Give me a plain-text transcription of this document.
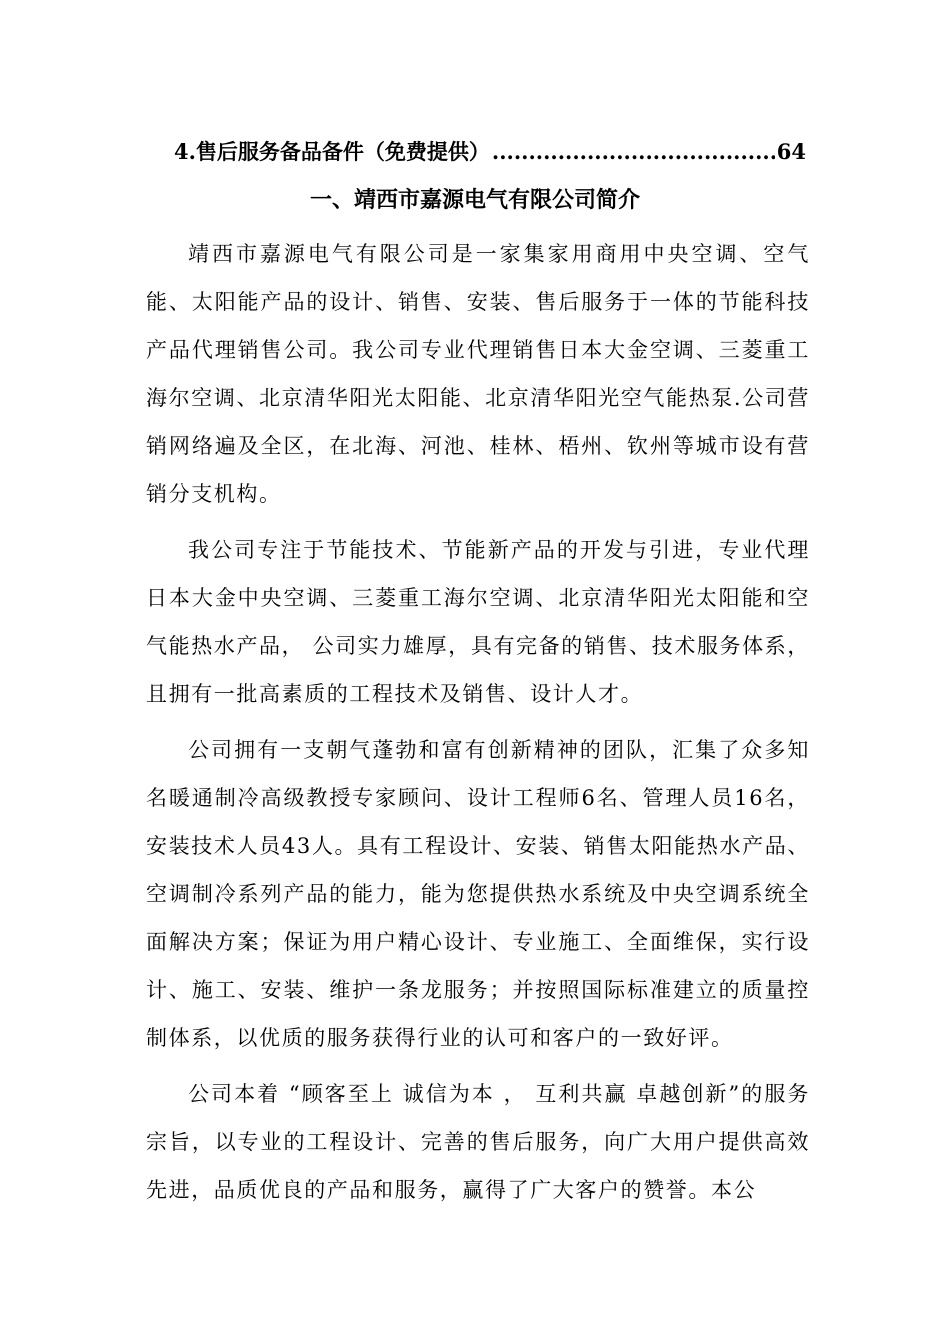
4.售后服务备品备件（免费提供）
.....	64
一、靖西市嘉源电气有限公司简介

靖西市嘉源电气有限公司是一家集家用商用中央空调、空气能、太阳能产品的设计、销售、安装、售后服务于一体的节能科技产品代理销售公司。我公司专业代理销售日本大金空调、三菱重工海尔空调、北京清华阳光太阳能、北京清华阳光空气能热泵.公司营销网络遍及全区，在北海、河池、桂林、梧州、钦州等城市设有营销分支机构。

我公司专注于节能技术、节能新产品的开发与引进，专业代理日本大金中央空调、三菱重工海尔空调、北京清华阳光太阳能和空气能热水产品， 公司实力雄厚，具有完备的销售、技术服务体系，且拥有一批高素质的工程技术及销售、设计人才。

公司拥有一支朝气蓬勃和富有创新精神的团队，汇集了众多知名暖通制冷高级教授专家顾问、设计工程师6名、管理人员16名，安装技术人员43人。具有工程设计、安装、销售太阳能热水产品、空调制冷系列产品的能力，能为您提供热水系统及中央空调系统全面解决方案；保证为用户精心设计、专业施工、全面维保，实行设计、施工、安装、维护一条龙服务；并按照国际标准建立的质量控制体系，以优质的服务获得行业的认可和客户的一致好评。

公司本着 “顾客至上 诚信为本 ， 互利共赢 卓越创新”的服务宗旨，以专业的工程设计、完善的售后服务，向广大用户提供高效先进，品质优良的产品和服务，赢得了广大客户的赞誉。本公
